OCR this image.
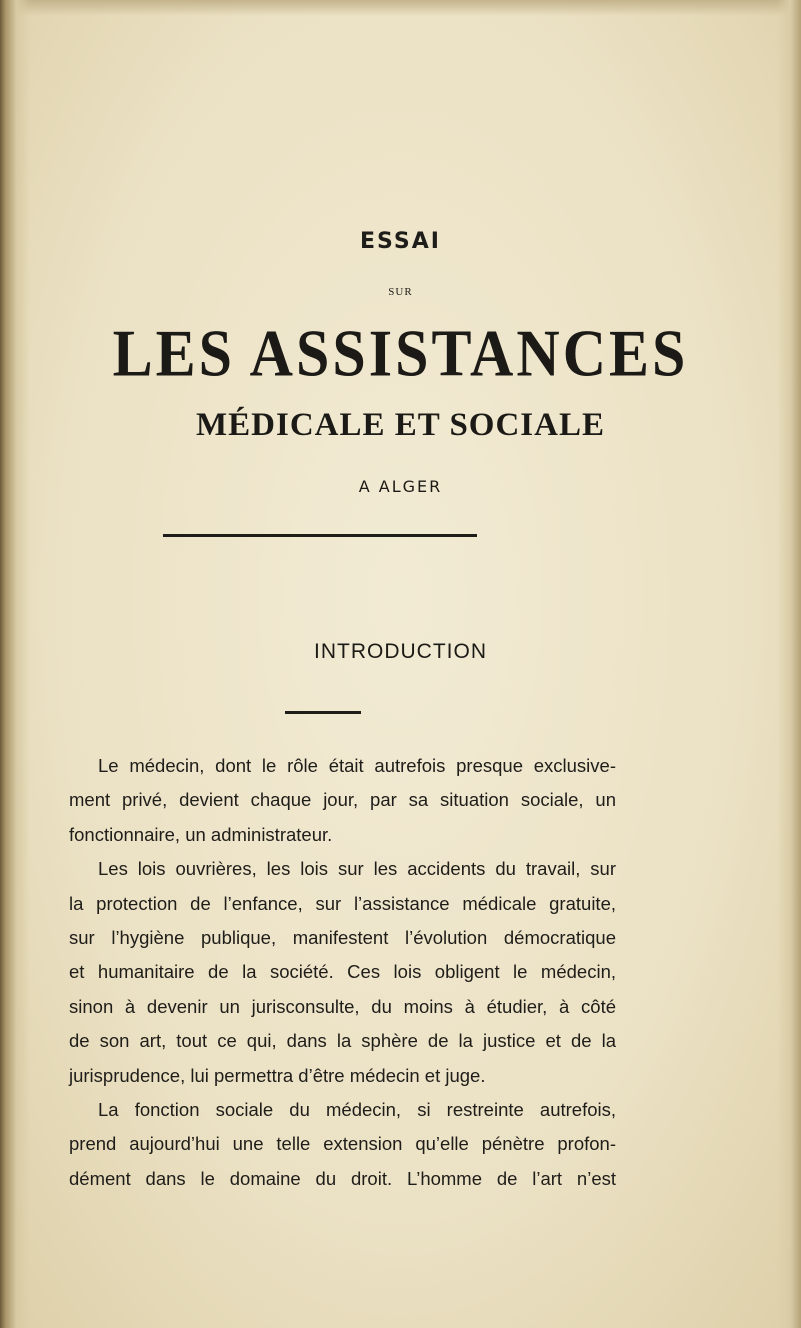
ESSAI
SUR
LES ASSISTANCES
MÉDICALE ET SOCIALE
A ALGER
INTRODUCTION
Le médecin, dont le rôle était autrefois presque exclusive-
ment privé, devient chaque jour, par sa situation sociale, un
fonctionnaire, un administrateur.
Les lois ouvrières, les lois sur les accidents du travail, sur
la protection de l’enfance, sur l’assistance médicale gratuite,
sur l’hygiène publique, manifestent l’évolution démocratique
et humanitaire de la société. Ces lois obligent le médecin,
sinon à devenir un jurisconsulte, du moins à étudier, à côté
de son art, tout ce qui, dans la sphère de la justice et de la
jurisprudence, lui permettra d’être médecin et juge.
La fonction sociale du médecin, si restreinte autrefois,
prend aujourd’hui une telle extension qu’elle pénètre profon-
dément dans le domaine du droit. L’homme de l’art n’est
